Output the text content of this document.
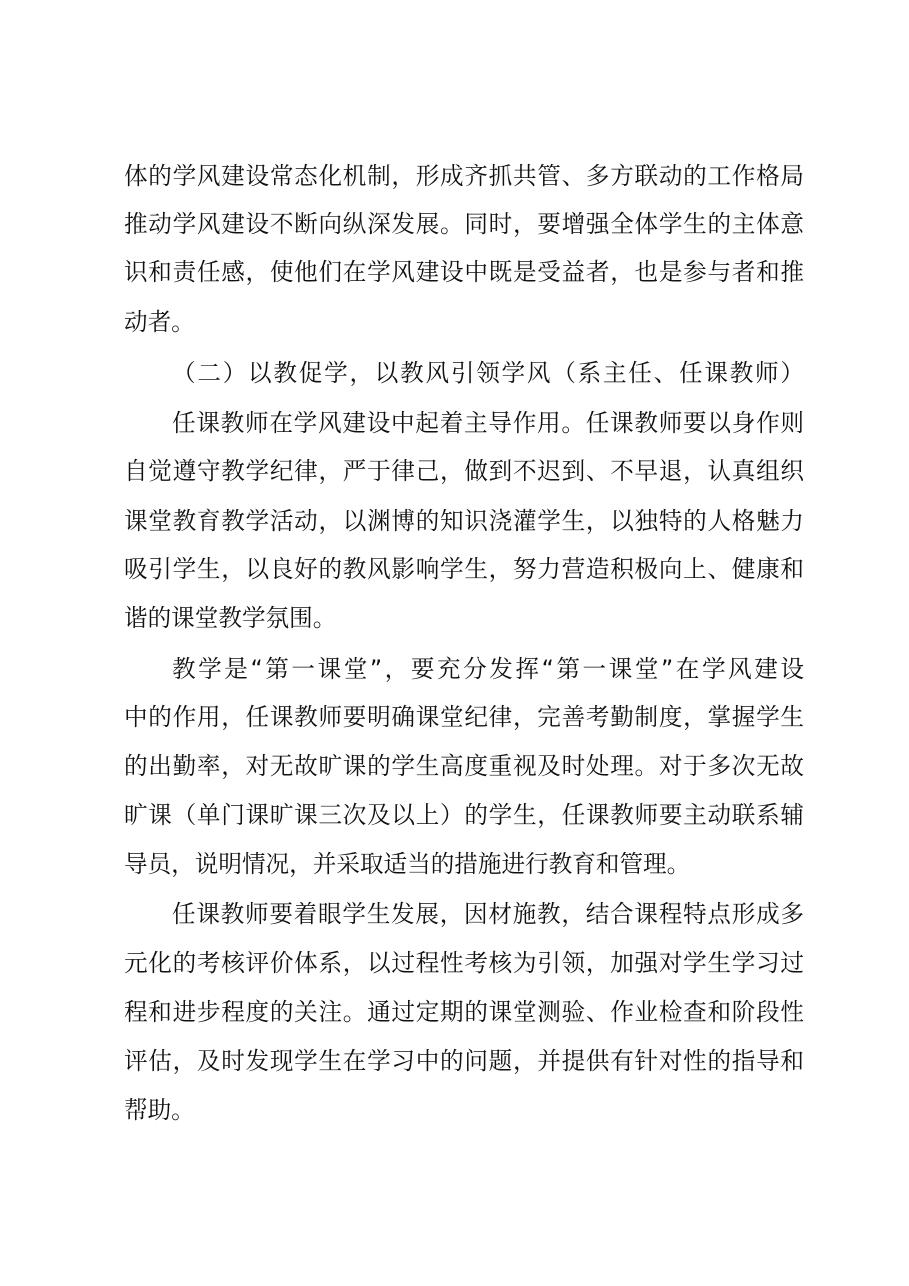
体的学风建设常态化机制，形成齐抓共管、多方联动的工作格局

推动学风建设不断向纵深发展。同时，要增强全体学生的主体意

识和责任感，使他们在学风建设中既是受益者，也是参与者和推

动者。

（二）以教促学，以教风引领学风（系主任、任课教师）

任课教师在学风建设中起着主导作用。任课教师要以身作则

自觉遵守教学纪律，严于律己，做到不迟到、不早退，认真组织

课堂教育教学活动，以渊博的知识浇灌学生，以独特的人格魅力

吸引学生，以良好的教风影响学生，努力营造积极向上、健康和

谐的课堂教学氛围。

教学是“第一课堂”，要充分发挥“第一课堂”在学风建设

中的作用，任课教师要明确课堂纪律，完善考勤制度，掌握学生

的出勤率，对无故旷课的学生高度重视及时处理。对于多次无故

旷课（单门课旷课三次及以上）的学生，任课教师要主动联系辅

导员，说明情况，并采取适当的措施进行教育和管理。

任课教师要着眼学生发展，因材施教，结合课程特点形成多

元化的考核评价体系，以过程性考核为引领，加强对学生学习过

程和进步程度的关注。通过定期的课堂测验、作业检查和阶段性

评估，及时发现学生在学习中的问题，并提供有针对性的指导和

帮助。
